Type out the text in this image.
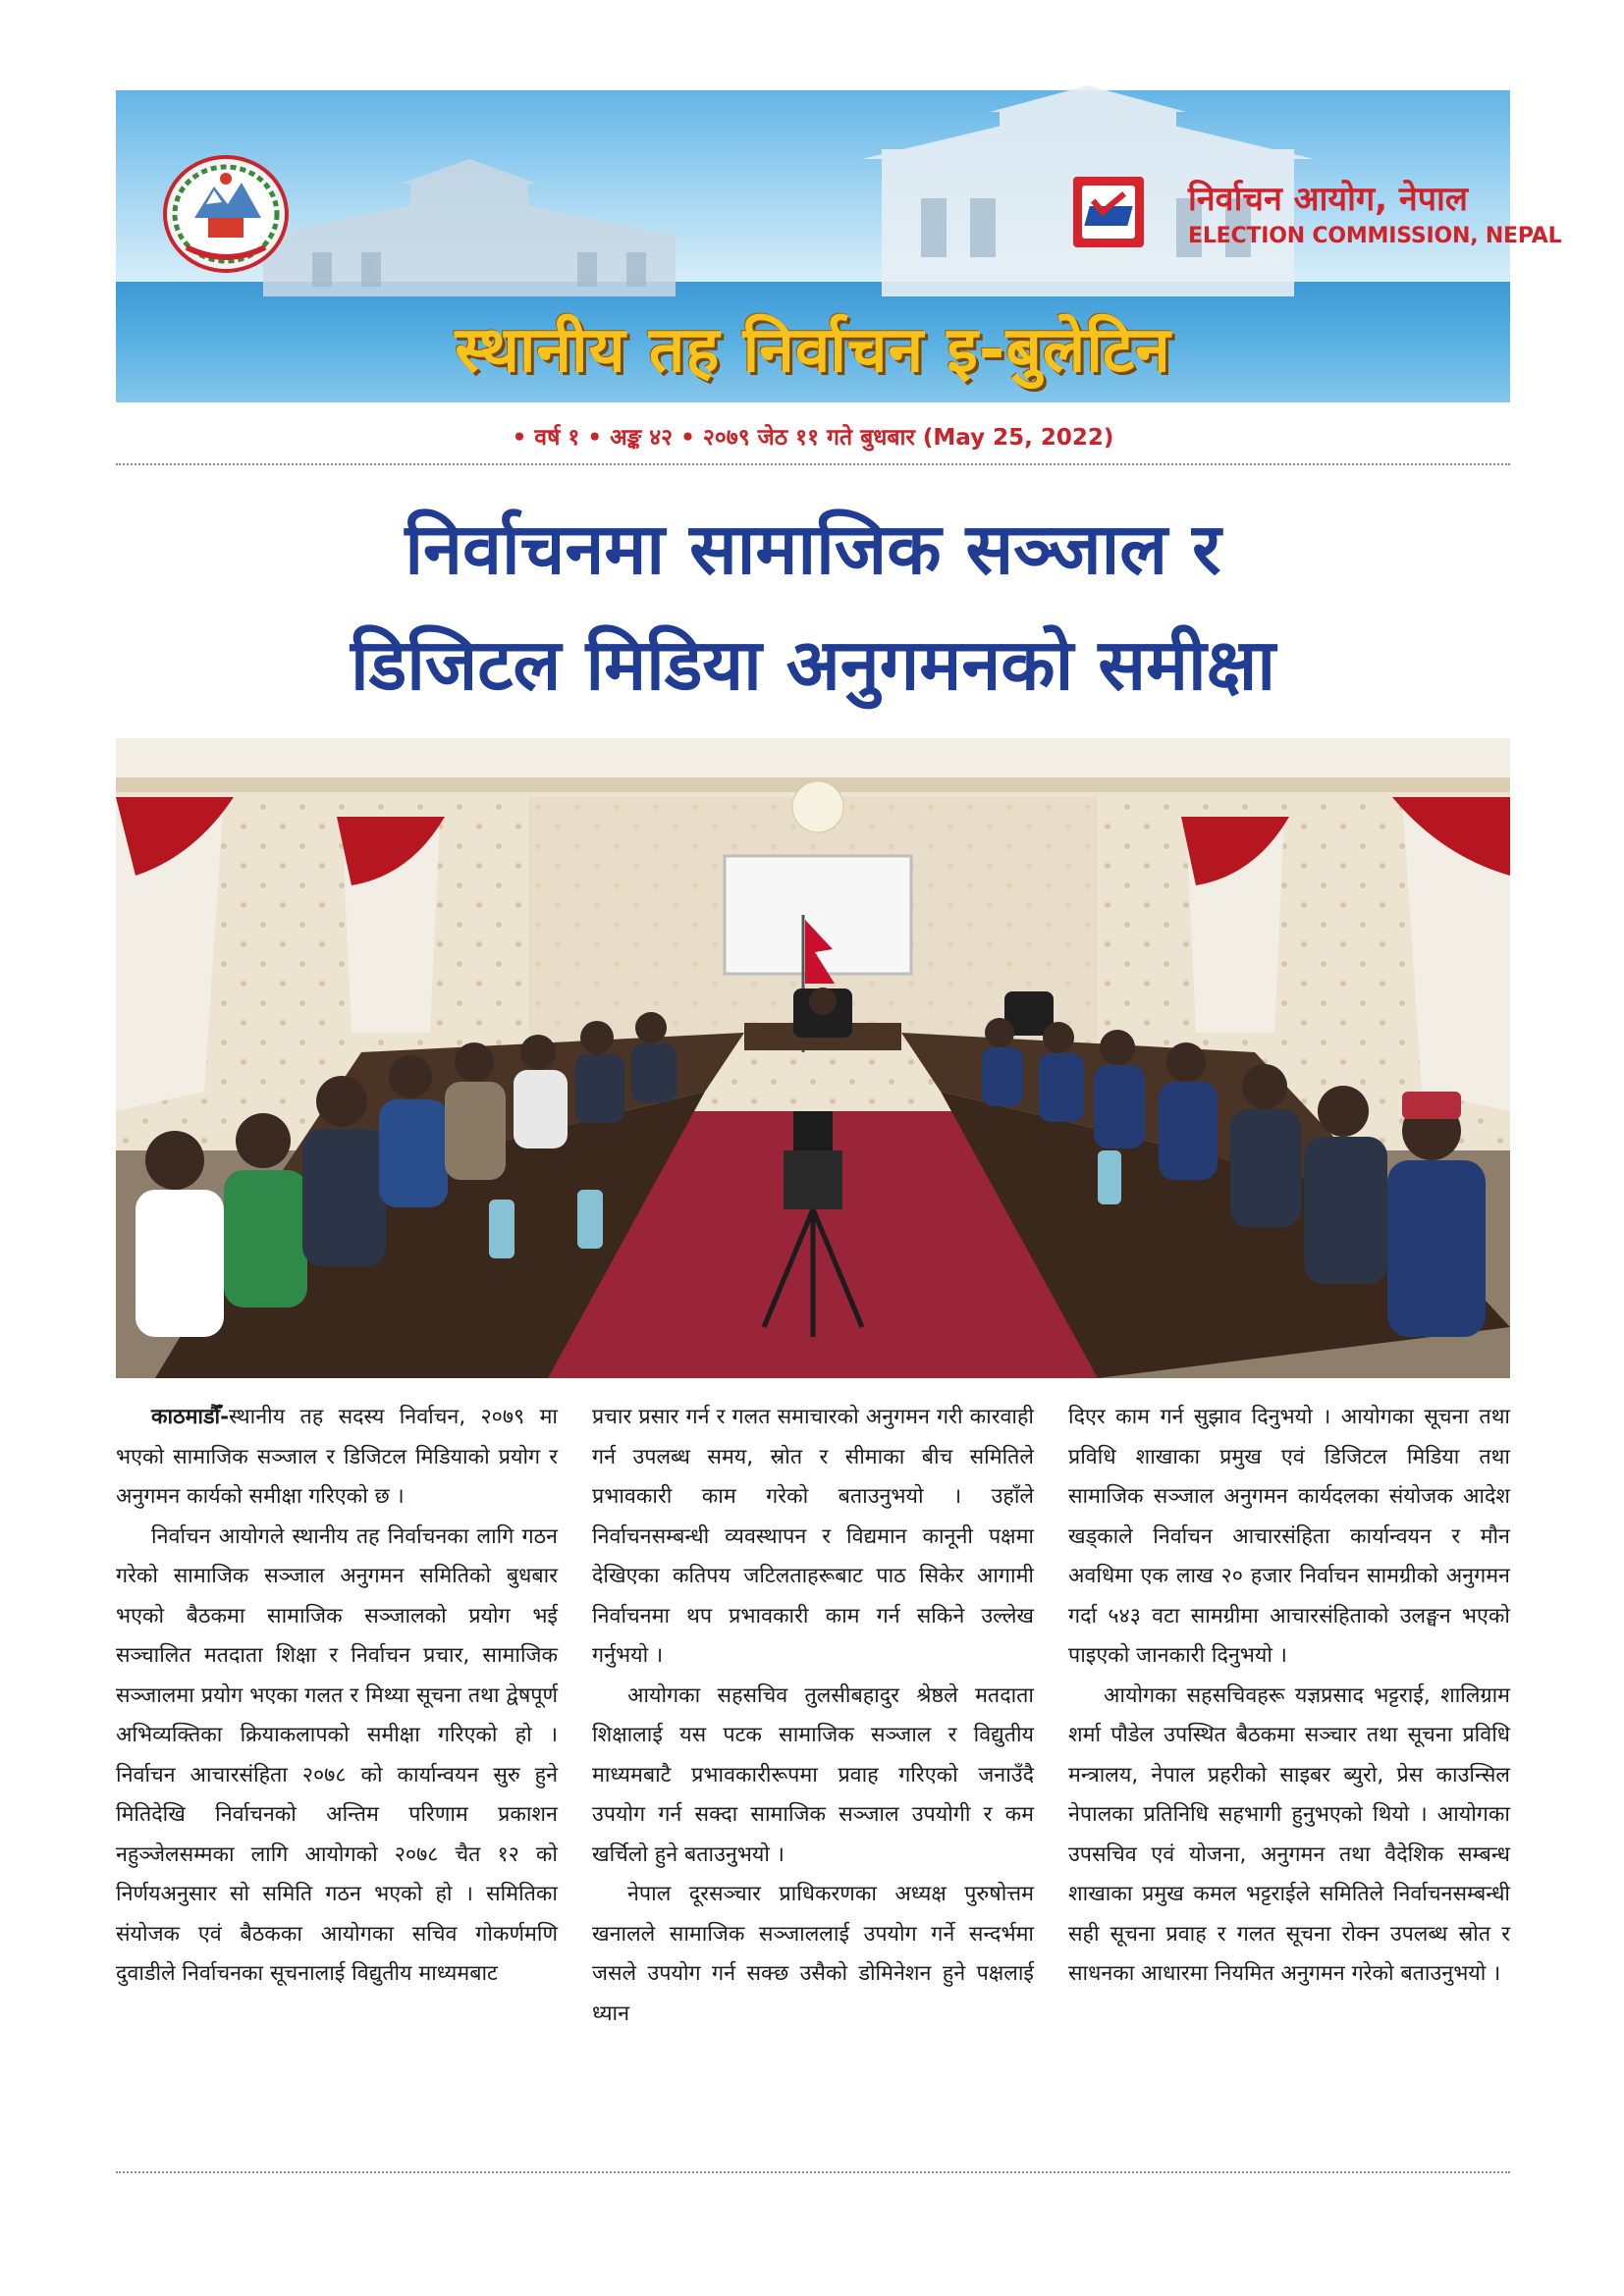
निर्वाचन आयोग, नेपाल
ELECTION COMMISSION, NEPAL
स्थानीय तह निर्वाचन इ-बुलेटिन
• वर्ष १ • अङ्क ४२ • २०७९ जेठ ११ गते बुधबार (May 25, 2022)
निर्वाचनमा सामाजिक सञ्जाल र
डिजिटल मिडिया अनुगमनको समीक्षा

काठमाडौँ-स्थानीय तह सदस्य निर्वाचन, २०७९ मा भएको सामाजिक सञ्जाल र डिजिटल मिडियाको प्रयोग र अनुगमन कार्यको समीक्षा गरिएको छ ।

निर्वाचन आयोगले स्थानीय तह निर्वाचनका लागि गठन गरेको सामाजिक सञ्जाल अनुगमन समितिको बुधबार भएको बैठकमा सामाजिक सञ्जालको प्रयोग भई सञ्चालित मतदाता शिक्षा र निर्वाचन प्रचार, सामाजिक सञ्जालमा प्रयोग भएका गलत र मिथ्या सूचना तथा द्वेषपूर्ण अभिव्यक्तिका क्रियाकलापको समीक्षा गरिएको हो । निर्वाचन आचारसंहिता २०७८ को कार्यान्वयन सुरु हुने मितिदेखि निर्वाचनको अन्तिम परिणाम प्रकाशन नहुञ्जेलसम्मका लागि आयोगको २०७८ चैत १२ को निर्णयअनुसार सो समिति गठन भएको हो । समितिका संयोजक एवं बैठकका आयोगका सचिव गोकर्णमणि दुवाडीले निर्वाचनका सूचनालाई विद्युतीय माध्यमबाट

प्रचार प्रसार गर्न र गलत समाचारको अनुगमन गरी कारवाही गर्न उपलब्ध समय, स्रोत र सीमाका बीच समितिले प्रभावकारी काम गरेको बताउनुभयो । उहाँले निर्वाचनसम्बन्धी व्यवस्थापन र विद्यमान कानूनी पक्षमा देखिएका कतिपय जटिलताहरूबाट पाठ सिकेर आगामी निर्वाचनमा थप प्रभावकारी काम गर्न सकिने उल्लेख गर्नुभयो ।

आयोगका सहसचिव तुलसीबहादुर श्रेष्ठले मतदाता शिक्षालाई यस पटक सामाजिक सञ्जाल र विद्युतीय माध्यमबाटै प्रभावकारीरूपमा प्रवाह गरिएको जनाउँदै उपयोग गर्न सक्दा सामाजिक सञ्जाल उपयोगी र कम खर्चिलो हुने बताउनुभयो ।

नेपाल दूरसञ्चार प्राधिकरणका अध्यक्ष पुरुषोत्तम खनालले सामाजिक सञ्जाललाई उपयोग गर्ने सन्दर्भमा जसले उपयोग गर्न सक्छ उसैको डोमिनेशन हुने पक्षलाई ध्यान

दिएर काम गर्न सुझाव दिनुभयो । आयोगका सूचना तथा प्रविधि शाखाका प्रमुख एवं डिजिटल मिडिया तथा सामाजिक सञ्जाल अनुगमन कार्यदलका संयोजक आदेश खड्काले निर्वाचन आचारसंहिता कार्यान्वयन र मौन अवधिमा एक लाख २० हजार निर्वाचन सामग्रीको अनुगमन गर्दा ५४३ वटा सामग्रीमा आचारसंहिताको उलङ्घन भएको पाइएको जानकारी दिनुभयो ।

आयोगका सहसचिवहरू यज्ञप्रसाद भट्टराई, शालिग्राम शर्मा पौडेल उपस्थित बैठकमा सञ्चार तथा सूचना प्रविधि मन्त्रालय, नेपाल प्रहरीको साइबर ब्युरो, प्रेस काउन्सिल नेपालका प्रतिनिधि सहभागी हुनुभएको थियो । आयोगका उपसचिव एवं योजना, अनुगमन तथा वैदेशिक सम्बन्ध शाखाका प्रमुख कमल भट्टराईले समितिले निर्वाचनसम्बन्धी सही सूचना प्रवाह र गलत सूचना रोक्न उपलब्ध स्रोत र साधनका आधारमा नियमित अनुगमन गरेको बताउनुभयो ।
